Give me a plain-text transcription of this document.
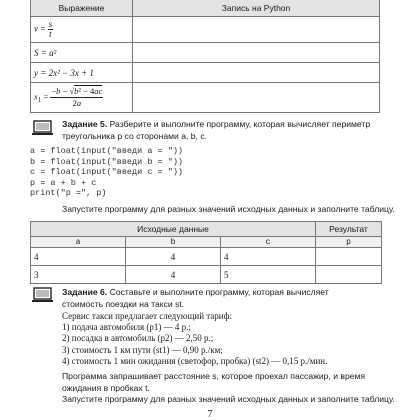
Выражение	Запись на Python
$v = \frac{s}{t}$

S = a²	
y = 2x² − 3x + 1	
$x_1 = \frac{\text{−b − √b² − 4ac}}{2a}$

Задание 5. Разберите и выполните программу, которая вычисляет периметр треугольника p со сторонами a, b, c.
a = float(input("введи a = "))
b = float(input("введи b = "))
c = float(input("введи c = "))
p = a + b + c
print("p =", p)
Запустите программу для разных значений исходных данных и заполните таблицу.
Исходные данные			Результат
a	b	c	p
4	4	4	
3	4	5	
Задание 6. Составьте и выполните программу, которая вычисляет стоимость поездки на такси st.
Сервис такси предлагает следующий тариф:
1) подача автомобиля (p1) — 4 р.;
2) посадка в автомобиль (p2) — 2,50 р.;
3) стоимость 1 км пути (st1) — 0,90 р./км;
4) стоимость 1 мин ожидания (светофор, пробка) (st2) — 0,15 р./мин.
Программа запрашивает расстояние s, которое проехал пассажир, и время ожидания в пробках t.
Запустите программу для разных значений исходных данных и заполните таблицу.
7
